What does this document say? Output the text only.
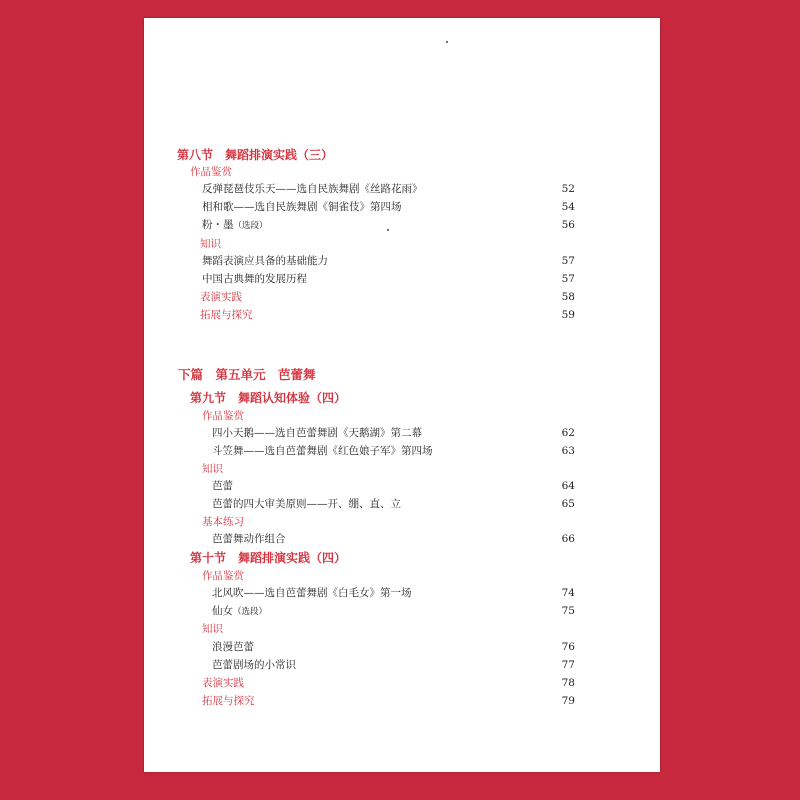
第八节　舞蹈排演实践（三）
作品鉴赏
反弹琵琶伎乐天——选自民族舞剧《丝路花雨》	52
相和歌——选自民族舞剧《铜雀伎》第四场	54
粉・墨（选段）	56
知识
舞蹈表演应具备的基础能力	57
中国古典舞的发展历程	57
表演实践	58
拓展与探究	59
下篇　第五单元　芭蕾舞
第九节　舞蹈认知体验（四）
作品鉴赏
四小天鹅——选自芭蕾舞剧《天鹅湖》第二幕	62
斗笠舞——选自芭蕾舞剧《红色娘子军》第四场	63
知识
芭蕾	64
芭蕾的四大审美原则——开、绷、直、立	65
基本练习
芭蕾舞动作组合	66
第十节　舞蹈排演实践（四）
作品鉴赏
北风吹——选自芭蕾舞剧《白毛女》第一场	74
仙女（选段）	75
知识
浪漫芭蕾	76
芭蕾剧场的小常识	77
表演实践	78
拓展与探究	79
